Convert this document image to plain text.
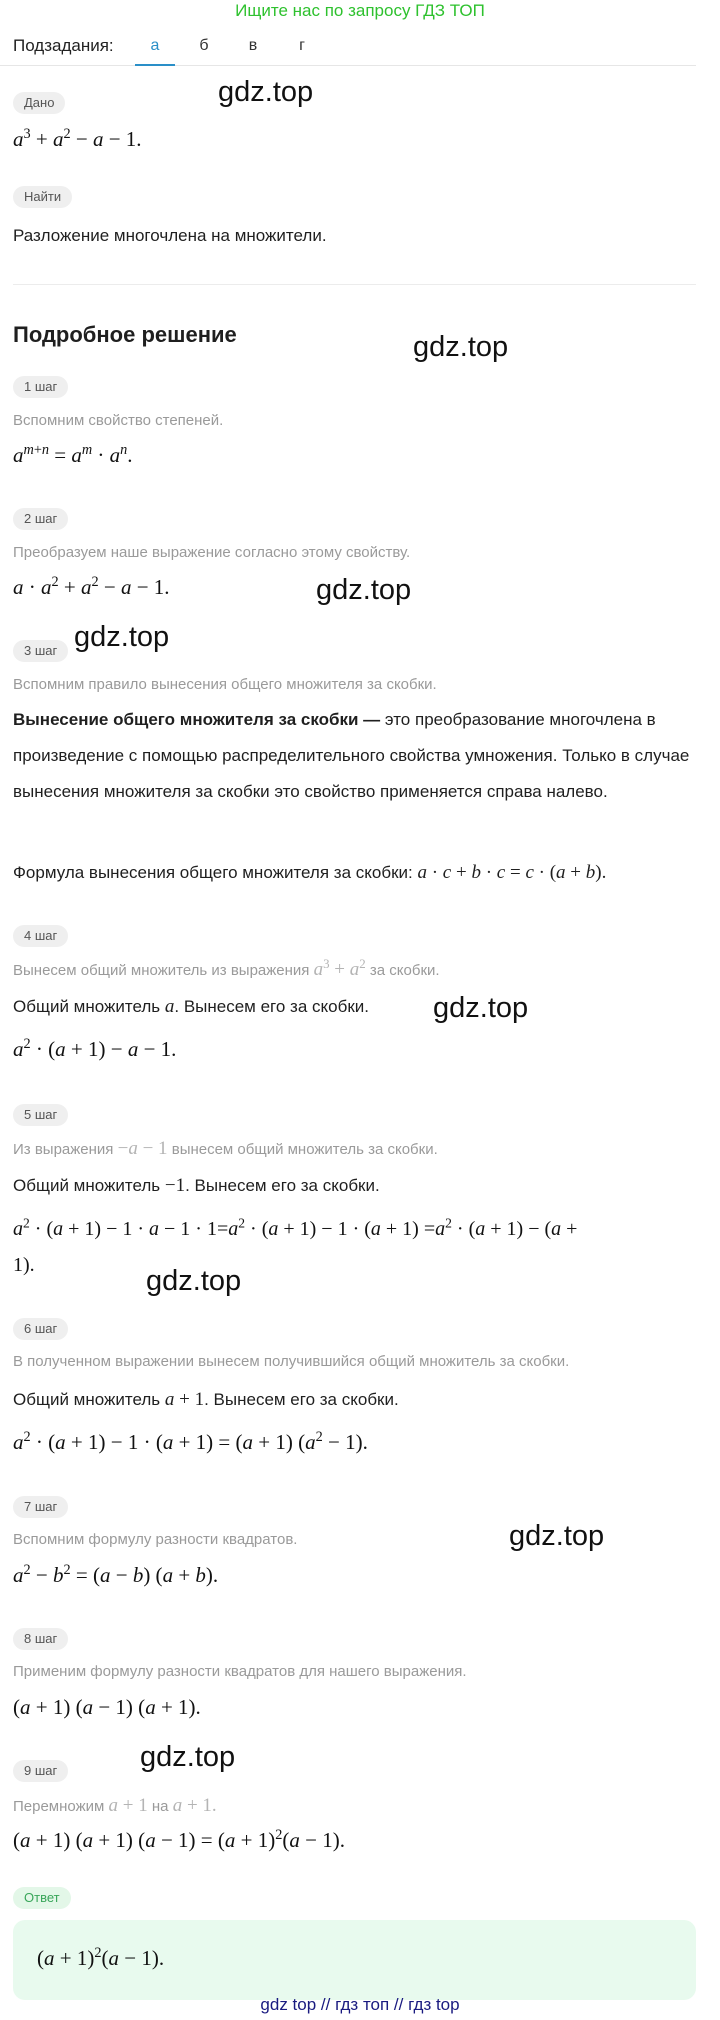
Ищите нас по запросу ГДЗ ТОП
Подзадания:	а	б	в	г
Дано
$a^3 + a^2 - a - 1$.
Найти
Разложение многочлена на множители.
Подробное решение
1 шаг
Вспомним свойство степеней.
$a^{m+n} = a^m \cdot a^n$.
2 шаг
Преобразуем наше выражение согласно этому свойству.
$a \cdot a^2 + a^2 - a - 1$.
3 шаг
Вспомним правило вынесения общего множителя за скобки.
Вынесение общего множителя за скобки — это преобразование многочлена в произведение с помощью распределительного свойства умножения. Только в случае вынесения множителя за скобки это свойство применяется справа налево.
Формула вынесения общего множителя за скобки: a · c + b · c = c · (a + b).
4 шаг
Вынесем общий множитель из выражения $a^3 + a^2$ за скобки.
Общий множитель a. Вынесем его за скобки.
$a^2 \cdot (a + 1) - a - 1$.
5 шаг
Из выражения −a − 1 вынесем общий множитель за скобки.
Общий множитель −1. Вынесем его за скобки.
$a^2 \cdot (a + 1) - 1 \cdot a - 1 \cdot 1=a^2 \cdot (a + 1) - 1 \cdot (a + 1) =a^2 \cdot (a + 1) - (a$ +
1).
6 шаг
В полученном выражении вынесем получившийся общий множитель за скобки.
Общий множитель a + 1. Вынесем его за скобки.
$a^2 \cdot (a + 1) - 1 \cdot (a + 1) = (a + 1) (a^2 - 1)$.
7 шаг
Вспомним формулу разности квадратов.
$a^2 - b^2 = (a - b) (a + b)$.
8 шаг
Применим формулу разности квадратов для нашего выражения.
(a + 1) (a − 1) (a + 1).
9 шаг
Перемножим a + 1 на a + 1.
(a + 1) (a + 1) $(a - 1) = (a + 1)^2(a - 1)$.
Ответ
$(a + 1)^2(a - 1)$.
gdz.top
gdz.top
gdz.top
gdz.top
gdz.top
gdz.top
gdz.top
gdz.top
gdz top // гдз топ // гдз top
